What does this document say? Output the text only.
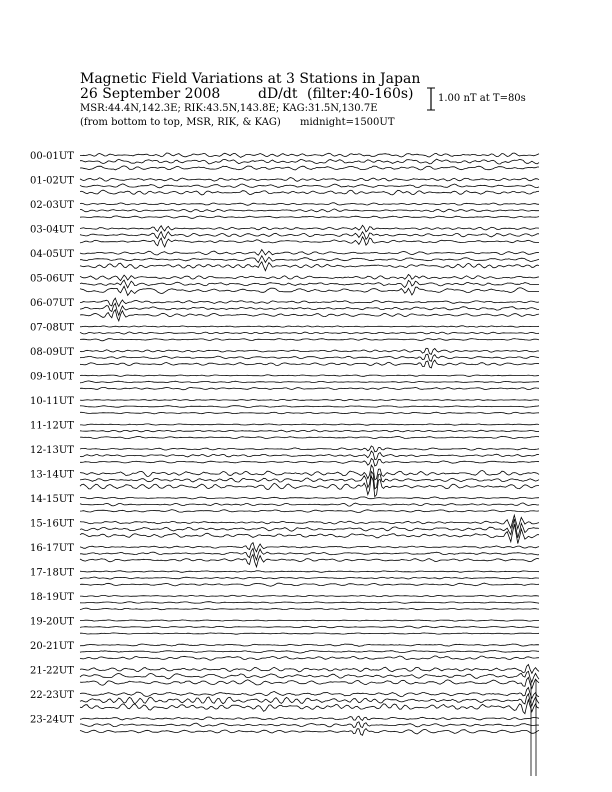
Magnetic Field Variations at 3 Stations in Japan
26 September 2008	dD/dt (filter:40-160s)
MSR:44.4N,142.3E; RIK:43.5N,143.8E; KAG:31.5N,130.7E
(from bottom to top, MSR, RIK, & KAG) midnight=1500UT
1.00 nT at T=80s
00-01UT
01-02UT
02-03UT
03-04UT
04-05UT
05-06UT
06-07UT
07-08UT
08-09UT
09-10UT
10-11UT
11-12UT
12-13UT
13-14UT
14-15UT
15-16UT
16-17UT
17-18UT
18-19UT
19-20UT
20-21UT
21-22UT
22-23UT
23-24UT
